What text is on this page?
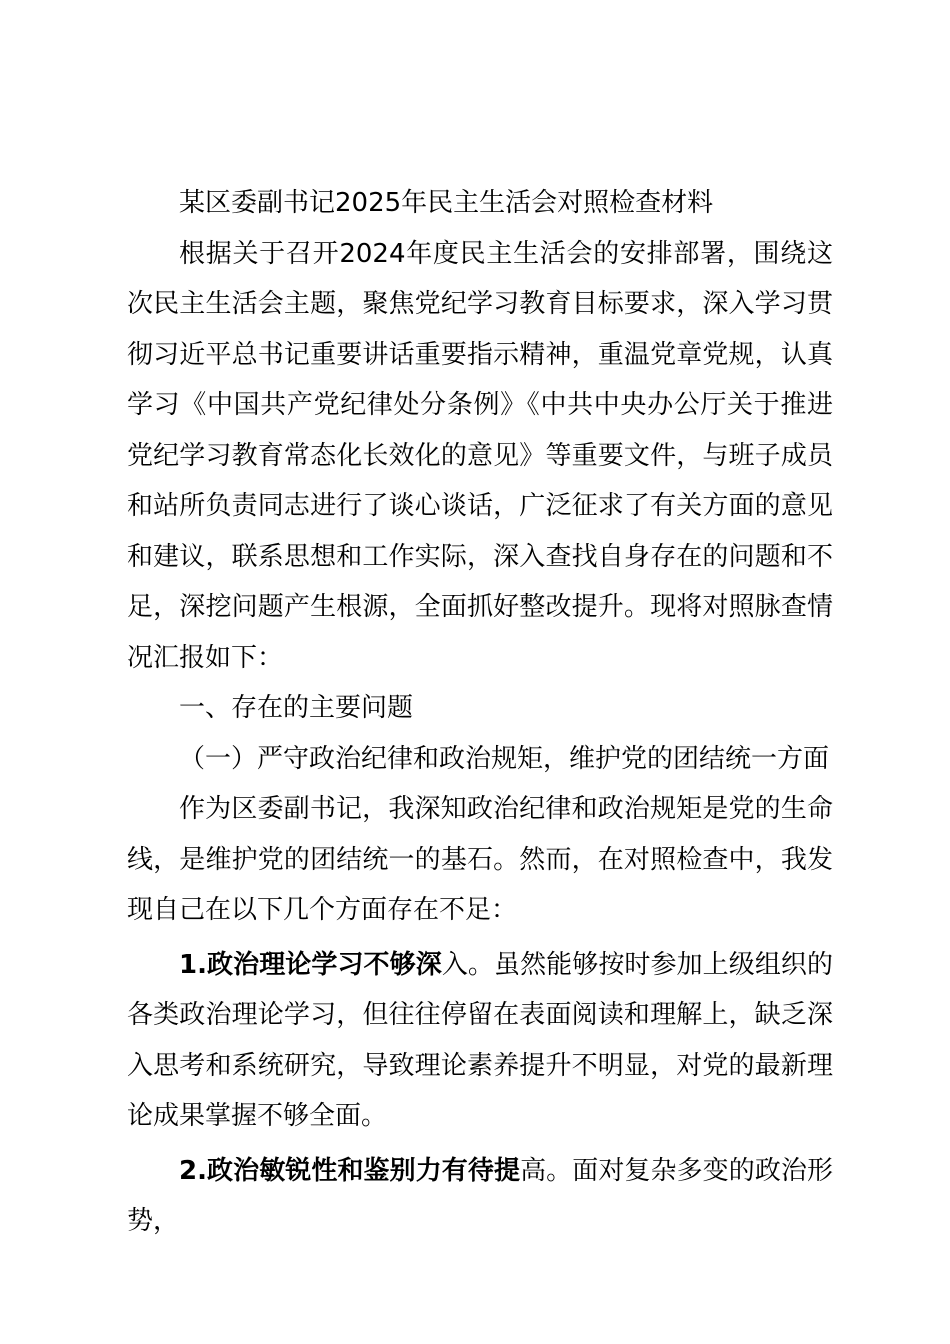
某区委副书记2025年民主生活会对照检查材料

根据关于召开2024年度民主生活会的安排部署，围绕这次民主生活会主题，聚焦党纪学习教育目标要求，深入学习贯彻习近平总书记重要讲话重要指示精神，重温党章党规，认真学习《中国共产党纪律处分条例》《中共中央办公厅关于推进党纪学习教育常态化长效化的意见》等重要文件，与班子成员和站所负责同志进行了谈心谈话，广泛征求了有关方面的意见和建议，联系思想和工作实际，深入查找自身存在的问题和不足，深挖问题产生根源，全面抓好整改提升。现将对照脉查情况汇报如下：

一、存在的主要问题

（一）严守政治纪律和政治规矩，维护党的团结统一方面

作为区委副书记，我深知政治纪律和政治规矩是党的生命线，是维护党的团结统一的基石。然而，在对照检查中，我发现自己在以下几个方面存在不足：

1.政治理论学习不够深入。虽然能够按时参加上级组织的各类政治理论学习，但往往停留在表面阅读和理解上，缺乏深入思考和系统研究，导致理论素养提升不明显，对党的最新理论成果掌握不够全面。

2.政治敏锐性和鉴别力有待提高。面对复杂多变的政治形势，
